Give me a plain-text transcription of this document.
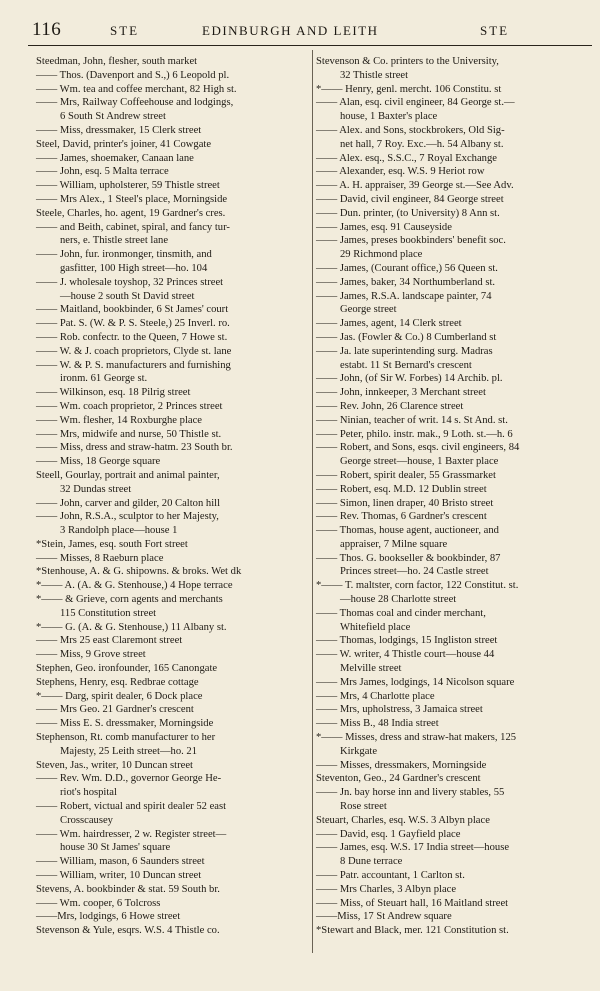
116	STE	EDINBURGH AND LEITH	STE
Steedman, John, flesher, south market
—— Thos. (Davenport and S.,) 6 Leopold pl.
—— Wm. tea and coffee merchant, 82 High st.
—— Mrs, Railway Coffeehouse and lodgings,
6 South St Andrew street
—— Miss, dressmaker, 15 Clerk street
Steel, David, printer's joiner, 41 Cowgate
—— James, shoemaker, Canaan lane
—— John, esq. 5 Malta terrace
—— William, upholsterer, 59 Thistle street
—— Mrs Alex., 1 Steel's place, Morningside
Steele, Charles, ho. agent, 19 Gardner's cres.
—— and Beith, cabinet, spiral, and fancy tur-
ners, e. Thistle street lane
—— John, fur. ironmonger, tinsmith, and
gasfitter, 100 High street—ho. 104
—— J. wholesale toyshop, 32 Princes street
—house 2 south St David street
—— Maitland, bookbinder, 6 St James' court
—— Pat. S. (W. & P. S. Steele,) 25 Inverl. ro.
—— Rob. confectr. to the Queen, 7 Howe st.
—— W. & J. coach proprietors, Clyde st. lane
—— W. & P. S. manufacturers and furnishing
ironm. 61 George st.
—— Wilkinson, esq. 18 Pilrig street
—— Wm. coach proprietor, 2 Princes street
—— Wm. flesher, 14 Roxburghe place
—— Mrs, midwife and nurse, 50 Thistle st.
—— Miss, dress and straw-hatm. 23 South br.
—— Miss, 18 George square
Steell, Gourlay, portrait and animal painter,
32 Dundas street
—— John, carver and gilder, 20 Calton hill
—— John, R.S.A., sculptor to her Majesty,
3 Randolph place—house 1
*Stein, James, esq. south Fort street
—— Misses, 8 Raeburn place
*Stenhouse, A. & G. shipowns. & broks. Wet dk
*—— A. (A. & G. Stenhouse,) 4 Hope terrace
*—— & Grieve, corn agents and merchants
115 Constitution street
*—— G. (A. & G. Stenhouse,) 11 Albany st.
—— Mrs 25 east Claremont street
—— Miss, 9 Grove street
Stephen, Geo. ironfounder, 165 Canongate
Stephens, Henry, esq. Redbrae cottage
*—— Darg, spirit dealer, 6 Dock place
—— Mrs Geo. 21 Gardner's crescent
—— Miss E. S. dressmaker, Morningside
Stephenson, Rt. comb manufacturer to her
Majesty, 25 Leith street—ho. 21
Steven, Jas., writer, 10 Duncan street
—— Rev. Wm. D.D., governor George He-
riot's hospital
—— Robert, victual and spirit dealer 52 east
Crosscausey
—— Wm. hairdresser, 2 w. Register street—
house 30 St James' square
—— William, mason, 6 Saunders street
—— William, writer, 10 Duncan street
Stevens, A. bookbinder & stat. 59 South br.
—— Wm. cooper, 6 Tolcross
——Mrs, lodgings, 6 Howe street
Stevenson & Yule, esqrs. W.S. 4 Thistle co.
Stevenson & Co. printers to the University,
32 Thistle street
*—— Henry, genl. mercht. 106 Constitu. st
—— Alan, esq. civil engineer, 84 George st.—
house, 1 Baxter's place
—— Alex. and Sons, stockbrokers, Old Sig-
net hall, 7 Roy. Exc.—h. 54 Albany st.
—— Alex. esq., S.S.C., 7 Royal Exchange
—— Alexander, esq. W.S. 9 Heriot row
—— A. H. appraiser, 39 George st.—See Adv.
—— David, civil engineer, 84 George street
—— Dun. printer, (to University) 8 Ann st.
—— James, esq. 91 Causeyside
—— James, preses bookbinders' benefit soc.
29 Richmond place
—— James, (Courant office,) 56 Queen st.
—— James, baker, 34 Northumberland st.
—— James, R.S.A. landscape painter, 74
George street
—— James, agent, 14 Clerk street
—— Jas. (Fowler & Co.) 8 Cumberland st
—— Ja. late superintending surg. Madras
estabt. 11 St Bernard's crescent
—— John, (of Sir W. Forbes) 14 Archib. pl.
—— John, innkeeper, 3 Merchant street
—— Rev. John, 26 Clarence street
—— Ninian, teacher of writ. 14 s. St And. st.
—— Peter, philo. instr. mak., 9 Loth. st.—h. 6
—— Robert, and Sons, esqs. civil engineers, 84
George street—house, 1 Baxter place
—— Robert, spirit dealer, 55 Grassmarket
—— Robert, esq. M.D. 12 Dublin street
—— Simon, linen draper, 40 Bristo street
—— Rev. Thomas, 6 Gardner's crescent
—— Thomas, house agent, auctioneer, and
appraiser, 7 Milne square
—— Thos. G. bookseller & bookbinder, 87
Princes street—ho. 24 Castle street
*—— T. maltster, corn factor, 122 Constitut. st.
—house 28 Charlotte street
—— Thomas coal and cinder merchant,
Whitefield place
—— Thomas, lodgings, 15 Ingliston street
—— W. writer, 4 Thistle court—house 44
Melville street
—— Mrs James, lodgings, 14 Nicolson square
—— Mrs, 4 Charlotte place
—— Mrs, upholstress, 3 Jamaica street
—— Miss B., 48 India street
*—— Misses, dress and straw-hat makers, 125
Kirkgate
—— Misses, dressmakers, Morningside
Steventon, Geo., 24 Gardner's crescent
—— Jn. bay horse inn and livery stables, 55
Rose street
Steuart, Charles, esq. W.S. 3 Albyn place
—— David, esq. 1 Gayfield place
—— James, esq. W.S. 17 India street—house
8 Dune terrace
—— Patr. accountant, 1 Carlton st.
—— Mrs Charles, 3 Albyn place
—— Miss, of Steuart hall, 16 Maitland street
——Miss, 17 St Andrew square
*Stewart and Black, mer. 121 Constitution st.
